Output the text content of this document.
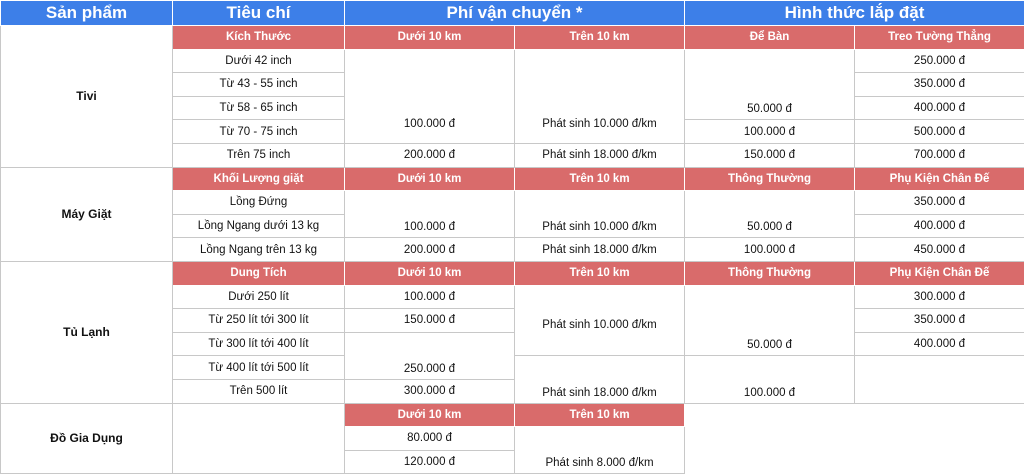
Sản phẩm	Tiêu chí	Phí vận chuyển *		Hình thức lắp đặt	
Tivi	Kích Thước	Dưới 10 km	Trên 10 km	Để Bàn	Treo Tường Thẳng
	Dưới 42 inch	100.000 đ	Phát sinh 10.000 đ/km	50.000 đ	250.000 đ
	Từ 43 - 55 inch				350.000 đ
	Từ 58 - 65 inch				400.000 đ
	Từ 70 - 75 inch			100.000 đ	500.000 đ
	Trên 75 inch	200.000 đ	Phát sinh 18.000 đ/km	150.000 đ	700.000 đ
Máy Giặt	Khối Lượng giặt	Dưới 10 km	Trên 10 km	Thông Thường	Phụ Kiện Chân Đế
	Lồng Đứng	100.000 đ	Phát sinh 10.000 đ/km	50.000 đ	350.000 đ
	Lồng Ngang dưới 13 kg				400.000 đ
	Lồng Ngang trên 13 kg	200.000 đ	Phát sinh 18.000 đ/km	100.000 đ	450.000 đ
Tủ Lạnh	Dung Tích	Dưới 10 km	Trên 10 km	Thông Thường	Phụ Kiện Chân Đế
	Dưới 250 lít	100.000 đ	Phát sinh 10.000 đ/km	50.000 đ	300.000 đ
	Từ 250 lít tới 300 lít	150.000 đ			350.000 đ
	Từ 300 lít tới 400 lít	250.000 đ			400.000 đ
	Từ 400 lít tới 500 lít		Phát sinh 18.000 đ/km	100.000 đ	
	Trên 500 lít	300.000 đ			
Đồ Gia Dụng		Dưới 10 km	Trên 10 km		
		80.000 đ	Phát sinh 8.000 đ/km		
		120.000 đ			
